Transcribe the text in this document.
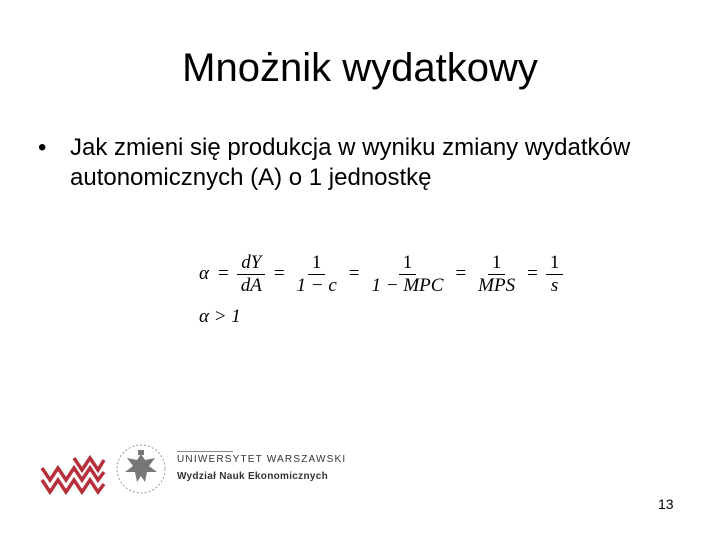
Mnożnik wydatkowy
• Jak zmieni się produkcja w wyniku zmiany wydatków autonomicznych (A) o 1 jednostkę
$\alpha = \frac{dY}{dA} = \frac{1}{1 - c} = \frac{1}{\text{1 − MPC}} = \frac{1}{\text{MPS}} = \frac{1}{s}$
α > 1
UNIWERSYTET WARSZAWSKI
Wydział Nauk Ekonomicznych
13
